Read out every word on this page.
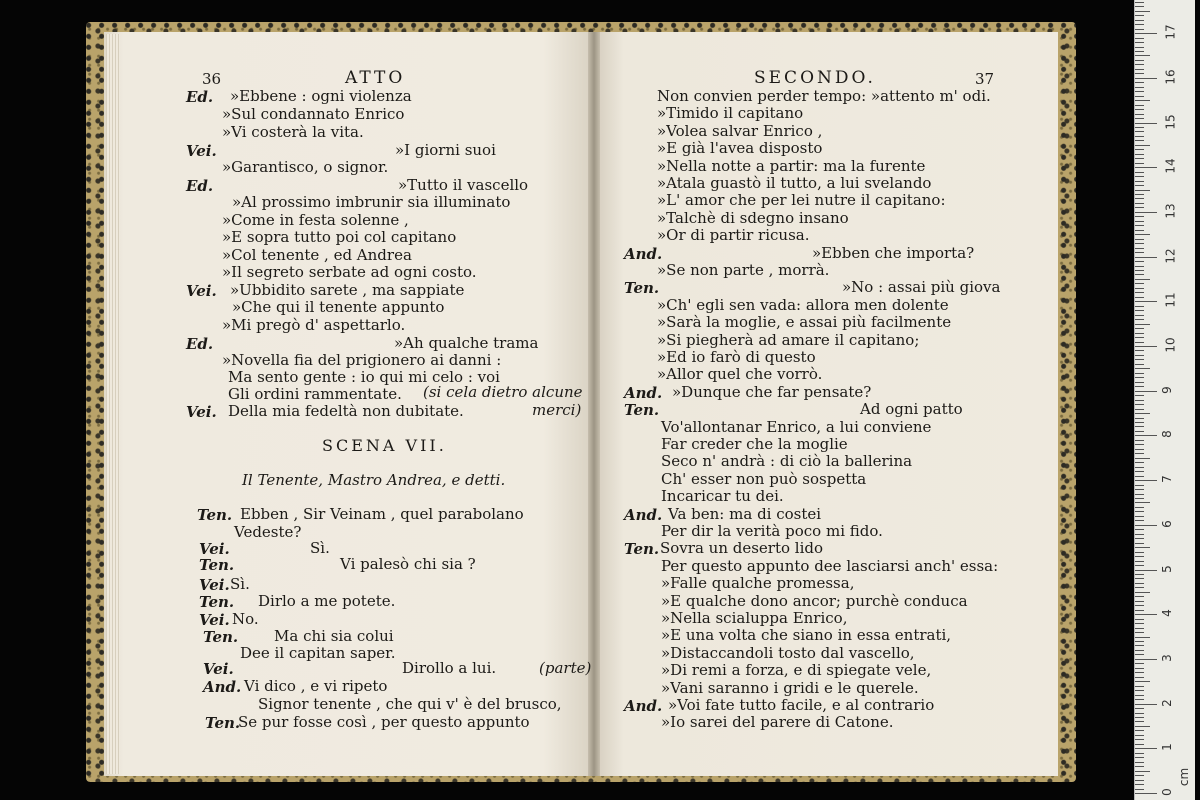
36	ATTO
Ed. »Ebbene : ogni violenza
»Sul condannato Enrico
»Vi costerà la vita.
Vei.	»I giorni suoi
»Garantisco, o signor.
Ed.	»Tutto il vascello
»Al prossimo imbrunir sia illuminato
»Come in festa solenne ,
»E sopra tutto poi col capitano
»Col tenente , ed Andrea
»Il segreto serbate ad ogni costo.
Vei. »Ubbidito sarete , ma sappiate
»Che qui il tenente appunto
»Mi pregò d' aspettarlo.
Ed.	»Ah qualche trama
»Novella fia del prigionero ai danni :
Ma sento gente : io qui mi celo : voi
Gli ordini rammentate.
Vei. Della mia fedeltà non dubitate.
(si cela dietro alcune
merci)
SCENA VII.
Il Tenente, Mastro Andrea, e detti.
Ten. Ebben , Sir Veinam , quel parabolano
Vedeste?
Vei.	Sì.
Ten.	Vi palesò chi sia ?
Vei. Sì.
Ten. Dirlo a me potete.
Vei. No.
Ten. Ma chi sia colui
Dee il capitan saper.
Vei.	Dirollo a lui.
And. Vi dico , e vi ripeto
Signor tenente , che qui v' è del brusco,
Ten.
Se pur fosse così , per questo appunto
(parte)
SECONDO.	37
Non convien perder tempo: »attento m' odi.
»Timido il capitano
»Volea salvar Enrico ,
»E già l'avea disposto
»Nella notte a partir: ma la furente
»Atala guastò il tutto, a lui svelando
»L' amor che per lei nutre il capitano:
»Talchè di sdegno insano
»Or di partir ricusa.
And.	»Ebben che importa?
»Se non parte , morrà.
Ten.	»No : assai più giova
»Ch' egli sen vada: allora men dolente
»Sarà la moglie, e assai più facilmente
»Si piegherà ad amare il capitano;
»Ed io farò di questo
»Allor quel che vorrò.
And. »Dunque che far pensate?
Ten.	Ad ogni patto
Vo'allontanar Enrico, a lui conviene
Far creder che la moglie
Seco n' andrà : di ciò la ballerina
Ch' esser non può sospetta
Incaricar tu dei.
And. Va ben: ma di costei
Per dir la verità poco mi fido.
Ten. Sovra un deserto lido
Per questo appunto dee lasciarsi anch' essa:
»Falle qualche promessa,
»E qualche dono ancor; purchè conduca
»Nella scialuppa Enrico,
»E una volta che siano in essa entrati,
»Distaccandoli tosto dal vascello,
»Di remi a forza, e di spiegate vele,
»Vani saranno i gridi e le querele.
And. »Voi fate tutto facile, e al contrario
»Io sarei del parere di Catone.
17
16
15
14
13
12
11
10
9
8
7
6
5
4
3
2
1
0
cm
